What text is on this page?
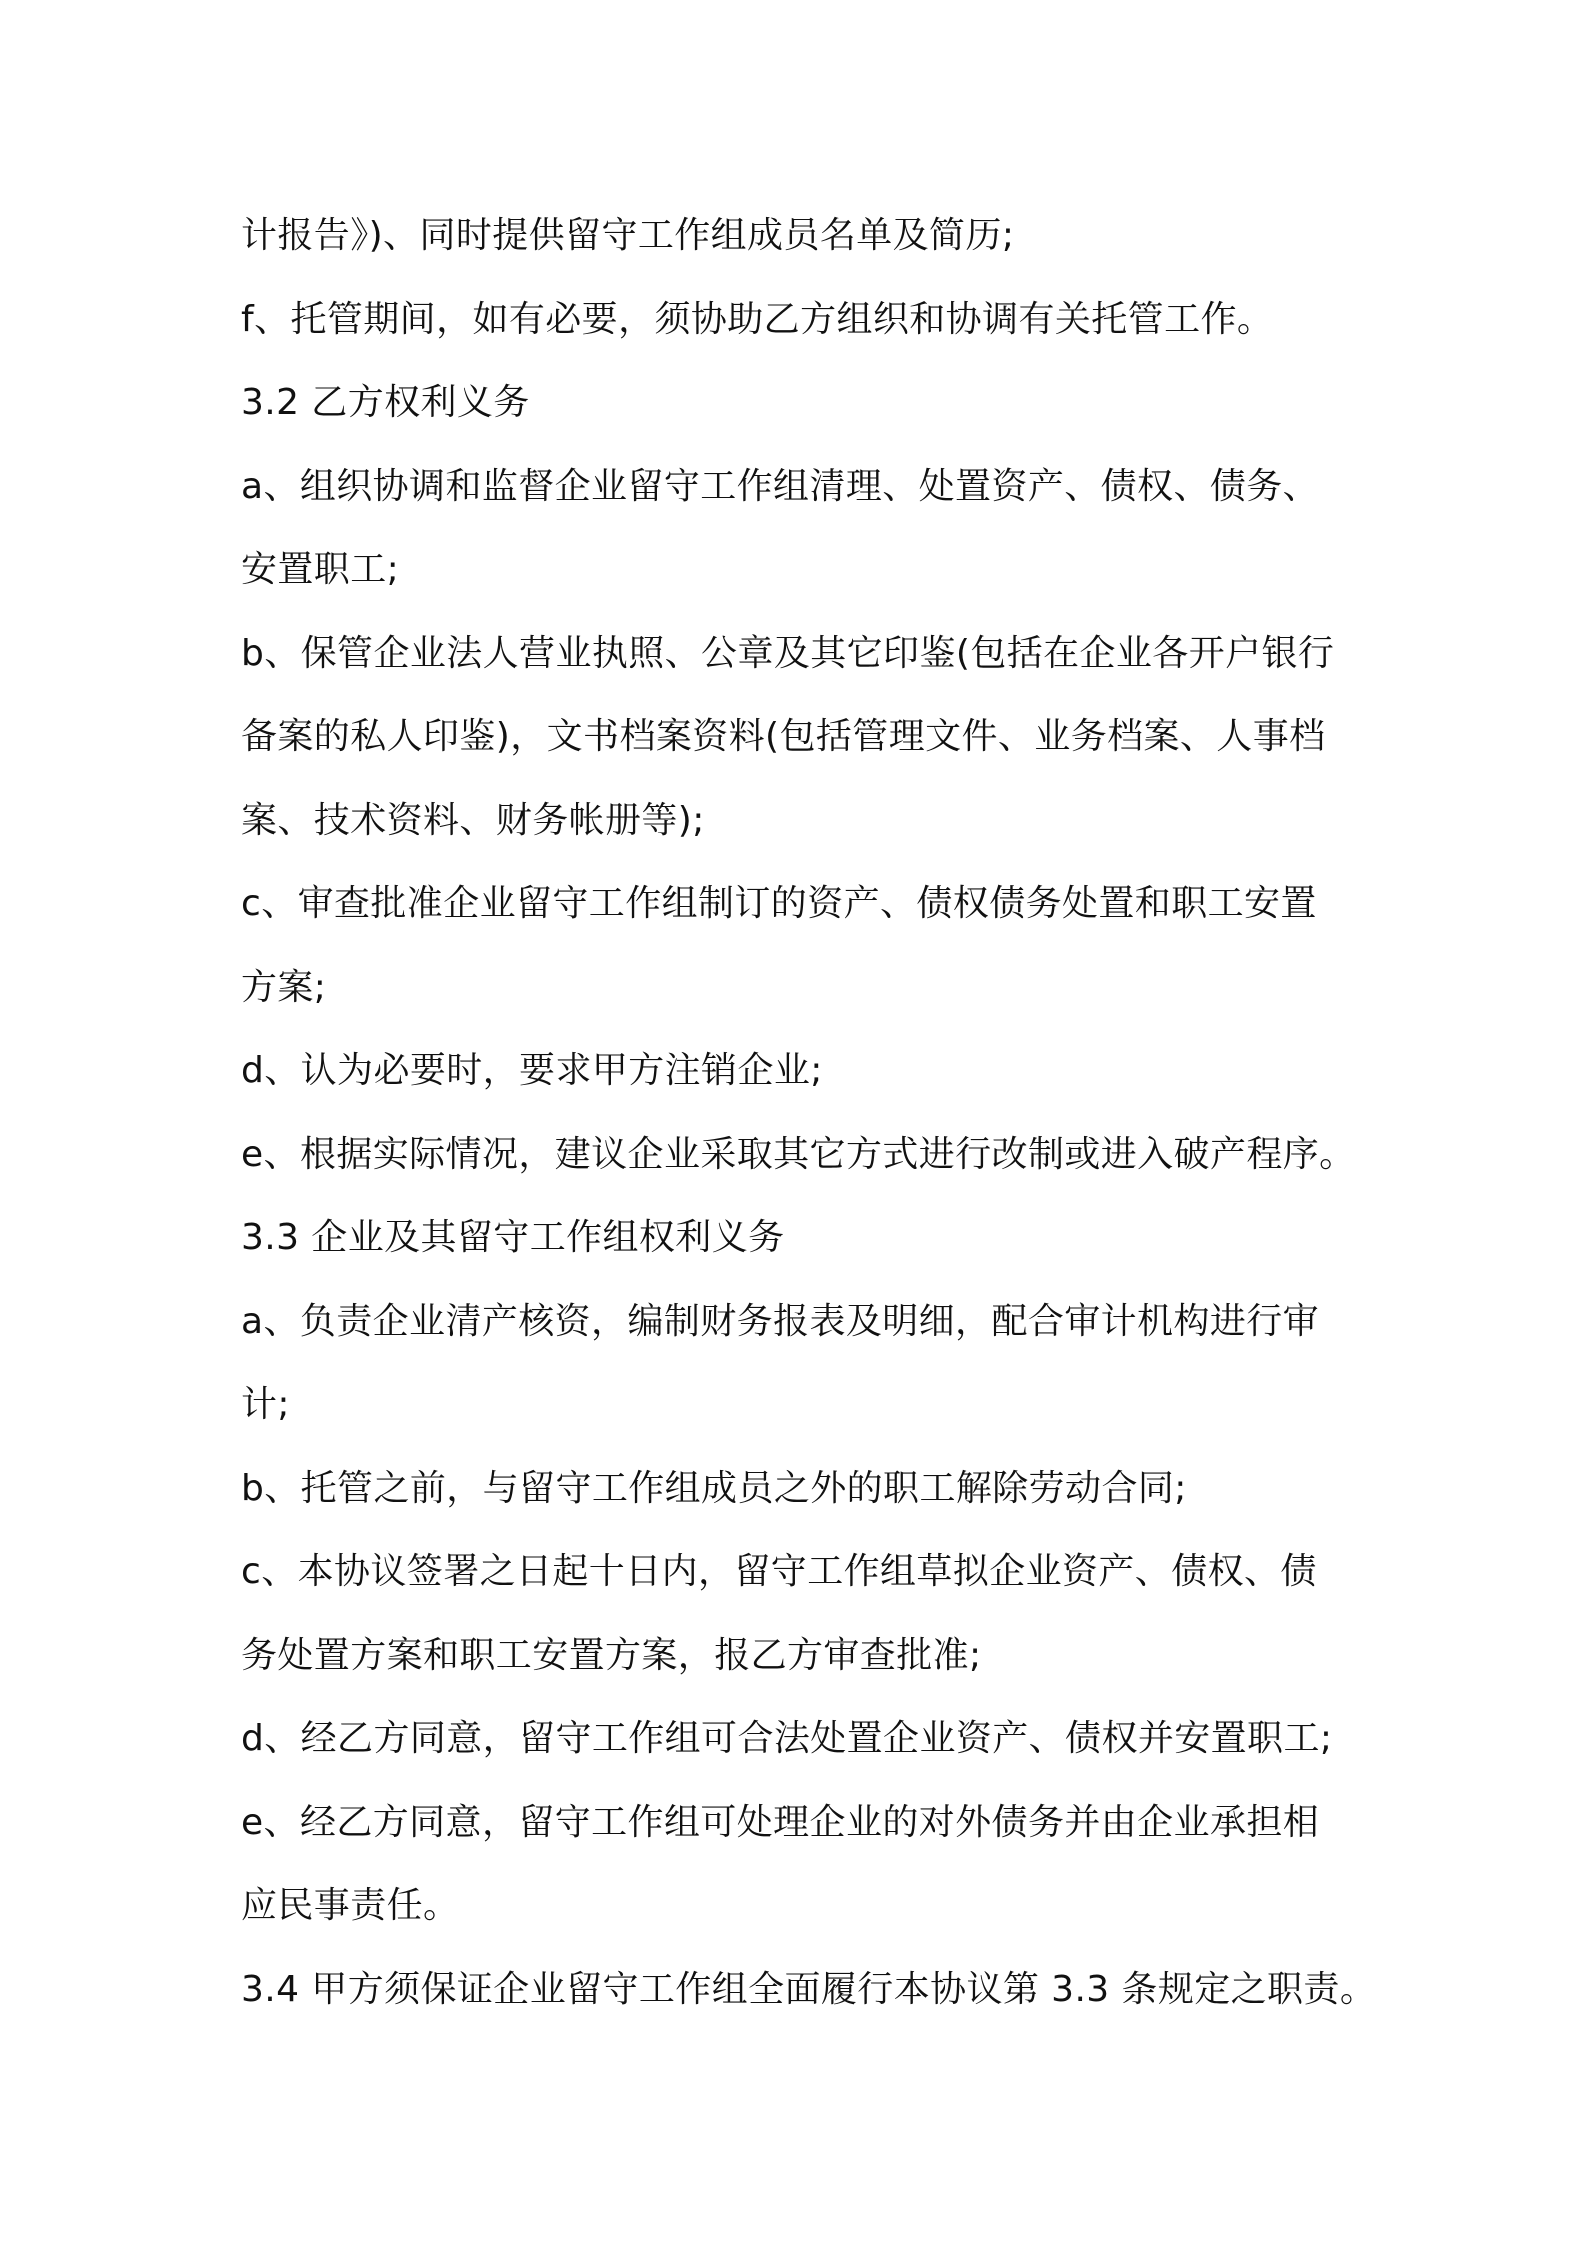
计报告》)、同时提供留守工作组成员名单及简历;
f、托管期间，如有必要，须协助乙方组织和协调有关托管工作。
3.2 乙方权利义务
a、组织协调和监督企业留守工作组清理、处置资产、债权、债务、
安置职工;
b、保管企业法人营业执照、公章及其它印鉴(包括在企业各开户银行
备案的私人印鉴)，文书档案资料(包括管理文件、业务档案、人事档
案、技术资料、财务帐册等);
c、审查批准企业留守工作组制订的资产、债权债务处置和职工安置
方案;
d、认为必要时，要求甲方注销企业;
e、根据实际情况，建议企业采取其它方式进行改制或进入破产程序。
3.3 企业及其留守工作组权利义务
a、负责企业清产核资，编制财务报表及明细，配合审计机构进行审
计;
b、托管之前，与留守工作组成员之外的职工解除劳动合同;
c、本协议签署之日起十日内，留守工作组草拟企业资产、债权、债
务处置方案和职工安置方案，报乙方审查批准;
d、经乙方同意，留守工作组可合法处置企业资产、债权并安置职工;
e、经乙方同意，留守工作组可处理企业的对外债务并由企业承担相
应民事责任。
3.4 甲方须保证企业留守工作组全面履行本协议第 3.3 条规定之职责。
